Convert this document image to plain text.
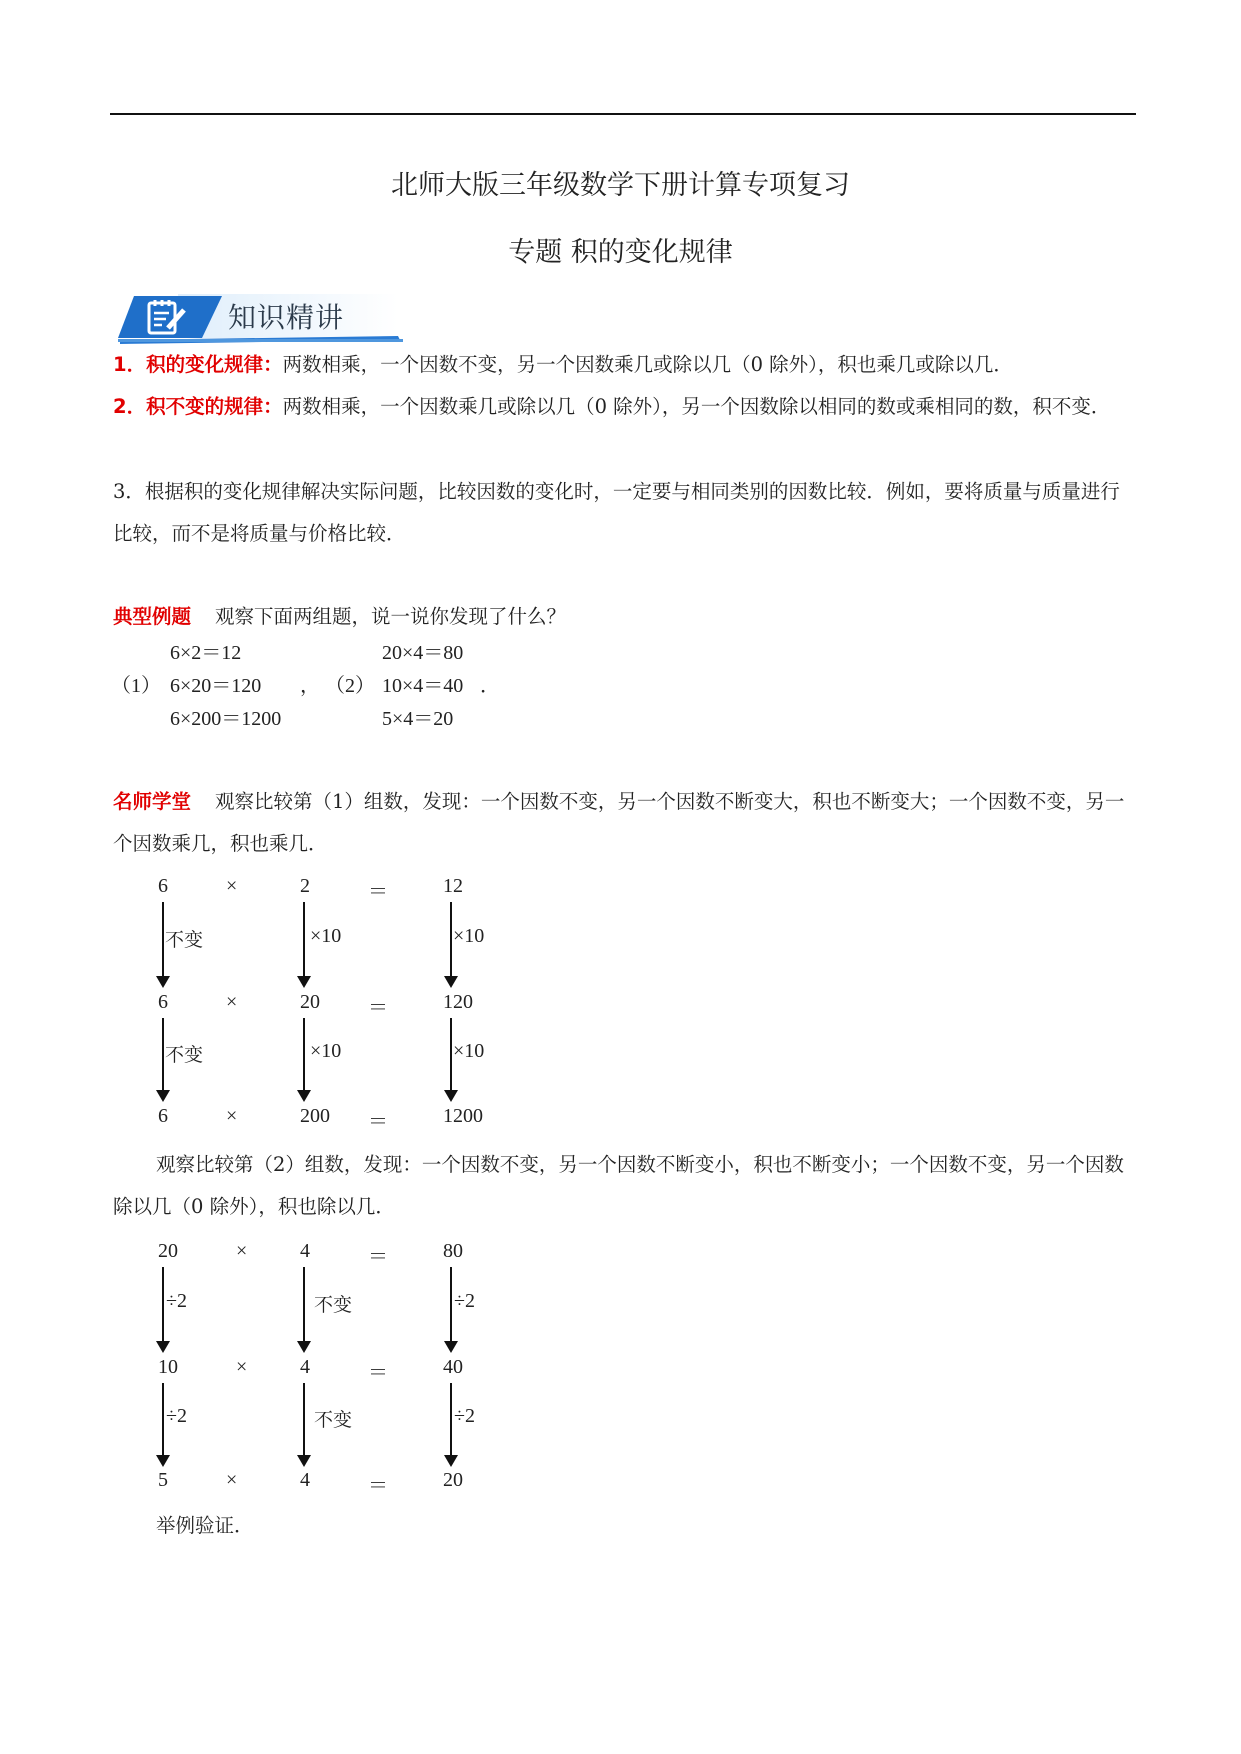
北师大版三年级数学下册计算专项复习
专题 积的变化规律
知识精讲
1．积的变化规律：两数相乘，一个因数不变，另一个因数乘几或除以几（0 除外），积也乘几或除以几．
2．积不变的规律：两数相乘，一个因数乘几或除以几（0 除外），另一个因数除以相同的数或乘相同的数，积不变．
3．根据积的变化规律解决实际问题，比较因数的变化时，一定要与相同类别的因数比较．例如，要将质量与质量进行比较，而不是将质量与价格比较．
典型例题 观察下面两组题，说一说你发现了什么？
6×2＝12
（1） 6×20＝120
6×200＝1200
，
20×4＝80
（2） 10×4＝40
5×4＝20
．
名师学堂 观察比较第（1）组数，发现：一个因数不变，另一个因数不断变大，积也不断变大；一个因数不变，另一个因数乘几，积也乘几．
6	×	2	＝	12
不变	×10	×10
6	×	20 ＝	120
不变	×10	×10
6	×	200 ＝	1200
观察比较第（2）组数，发现：一个因数不变，另一个因数不断变小，积也不断变小；一个因数不变，另一个因数除以几（0 除外），积也除以几．
20	×	4	＝	80
÷2	不变	÷2
10	×	4	＝	40
÷2	不变	÷2
5	×	4	＝	20
举例验证．
